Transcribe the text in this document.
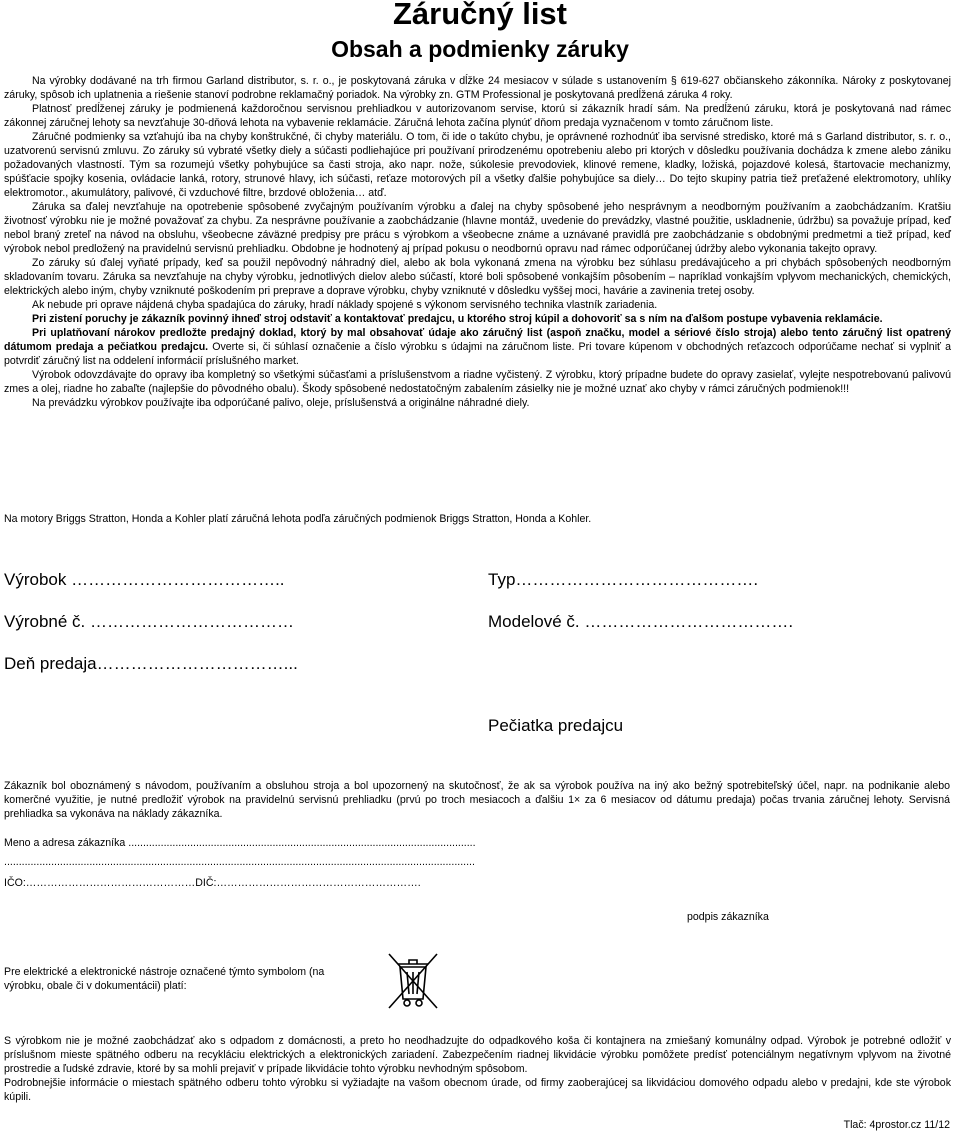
Záručný list
Obsah a podmienky záruky

Na výrobky dodávané na trh firmou Garland distributor, s. r. o., je poskytovaná záruka v dĺžke 24 mesiacov v súlade s ustanovením § 619-627 občianskeho zákonníka. Nároky z poskytovanej záruky, spôsob ich uplatnenia a riešenie stanoví podrobne reklamačný poriadok. Na výrobky zn. GTM Professional je poskytovaná predĺžená záruka 4 roky.

Platnosť predĺženej záruky je podmienená každoročnou servisnou prehliadkou v autorizovanom servise, ktorú si zákazník hradí sám. Na predĺženú záruku, ktorá je poskytovaná nad rámec zákonnej záručnej lehoty sa nevzťahuje 30-dňová lehota na vybavenie reklamácie. Záručná lehota začína plynúť dňom predaja vyznačenom v tomto záručnom liste.

Záručné podmienky sa vzťahujú iba na chyby konštrukčné, či chyby materiálu. O tom, či ide o takúto chybu, je oprávnené rozhodnúť iba servisné stredisko, ktoré má s Garland distributor, s. r. o., uzatvorenú servisnú zmluvu. Zo záruky sú vybraté všetky diely a súčasti podliehajúce pri používaní prirodzenému opotrebeniu alebo pri ktorých v dôsledku používania dochádza k zmene alebo zániku požadovaných vlastností. Tým sa rozumejú všetky pohybujúce sa časti stroja, ako napr. nože, súkolesie prevodoviek, klinové remene, kladky, ložiská, pojazdové kolesá, štartovacie mechanizmy, spúšťacie spojky kosenia, ovládacie lanká, rotory, strunové hlavy, ich súčasti, reťaze motorových píl a všetky ďalšie pohybujúce sa diely… Do tejto skupiny patria tiež preťažené elektromotory, uhlíky elektromotor., akumulátory, palivové, či vzduchové filtre, brzdové obloženia… atď.

Záruka sa ďalej nevzťahuje na opotrebenie spôsobené zvyčajným používaním výrobku a ďalej na chyby spôsobené jeho nesprávnym a neodborným používaním a zaobchádzaním. Kratšiu životnosť výrobku nie je možné považovať za chybu. Za nesprávne používanie a zaobchádzanie (hlavne montáž, uvedenie do prevádzky, vlastné použitie, uskladnenie, údržbu) sa považuje prípad, keď nebol braný zreteľ na návod na obsluhu, všeobecne záväzné predpisy pre prácu s výrobkom a všeobecne známe a uznávané pravidlá pre zaobchádzanie s obdobnými predmetmi a tiež prípad, keď výrobok nebol predložený na pravidelnú servisnú prehliadku. Obdobne je hodnotený aj prípad pokusu o neodbornú opravu nad rámec odporúčanej údržby alebo vykonania takejto opravy.

Zo záruky sú ďalej vyňaté prípady, keď sa použil nepôvodný náhradný diel, alebo ak bola vykonaná zmena na výrobku bez súhlasu predávajúceho a pri chybách spôsobených neodborným skladovaním tovaru. Záruka sa nevzťahuje na chyby výrobku, jednotlivých dielov alebo súčastí, ktoré boli spôsobené vonkajším pôsobením – napríklad vonkajším vplyvom mechanických, chemických, elektrických alebo iným, chyby vzniknuté poškodením pri preprave a doprave výrobku, chyby vzniknuté v dôsledku vyššej moci, havárie a zavinenia tretej osoby.

Ak nebude pri oprave nájdená chyba spadajúca do záruky, hradí náklady spojené s výkonom servisného technika vlastník zariadenia.

Pri zistení poruchy je zákazník povinný ihneď stroj odstaviť a kontaktovať predajcu, u ktorého stroj kúpil a dohovoriť sa s ním na ďalšom postupe vybavenia reklamácie.

Pri uplatňovaní nárokov predložte predajný doklad, ktorý by mal obsahovať údaje ako záručný list (aspoň značku, model a sériové číslo stroja) alebo tento záručný list opatrený dátumom predaja a pečiatkou predajcu. Overte si, či súhlasí označenie a číslo výrobku s údajmi na záručnom liste. Pri tovare kúpenom v obchodných reťazcoch odporúčame nechať si vyplniť a potvrdiť záručný list na oddelení informácií príslušného market.

Výrobok odovzdávajte do opravy iba kompletný so všetkými súčasťami a príslušenstvom a riadne vyčistený. Z výrobku, ktorý prípadne budete do opravy zasielať, vylejte nespotrebovanú palivovú zmes a olej, riadne ho zabaľte (najlepšie do pôvodného obalu). Škody spôsobené nedostatočným zabalením zásielky nie je možné uznať ako chyby v rámci záručných podmienok!!!

Na prevádzku výrobkov používajte iba odporúčané palivo, oleje, príslušenstvá a originálne náhradné diely.

Na motory Briggs Stratton, Honda a Kohler platí záručná lehota podľa záručných podmienok Briggs Stratton, Honda a Kohler.
Výrobok ………………………………..	Typ…………………………………….
Výrobné č. ………………………………	Modelové č. ……………………………….
Deň predaja……………………………...
Pečiatka predajcu
Zákazník bol oboznámený s návodom, používaním a obsluhou stroja a bol upozornený na skutočnosť, že ak sa výrobok používa na iný ako bežný spotrebiteľský účel, napr. na podnikanie alebo komerčné využitie, je nutné predložiť výrobok na pravidelnú servisnú prehliadku (prvú po troch mesiacoch a ďalšiu 1× za 6 mesiacov od dátumu predaja) počas trvania záručnej lehoty. Servisná prehliadka sa vykonáva na náklady zákazníka.
Meno a adresa zákazníka ......................................................................................................................
................................................................................................................................................................
IČO:…………………………………………DIČ:………………………………………………….
podpis zákazníka
Pre elektrické a elektronické nástroje označené týmto symbolom (na výrobku, obale či v dokumentácii) platí:
S výrobkom nie je možné zaobchádzať ako s odpadom z domácnosti, a preto ho neodhadzujte do odpadkového koša či kontajnera na zmiešaný komunálny odpad. Výrobok je potrebné odložiť v príslušnom mieste spätného odberu na recykláciu elektrických a elektronických zariadení. Zabezpečením riadnej likvidácie výrobku pomôžete predísť potenciálnym negatívnym vplyvom na životné prostredie a ľudské zdravie, ktoré by sa mohli prejaviť v prípade likvidácie tohto výrobku nevhodným spôsobom.
Podrobnejšie informácie o miestach spätného odberu tohto výrobku si vyžiadajte na vašom obecnom úrade, od firmy zaoberajúcej sa likvidáciou domového odpadu alebo v predajni, kde ste výrobok kúpili.
Tlač: 4prostor.cz 11/12
